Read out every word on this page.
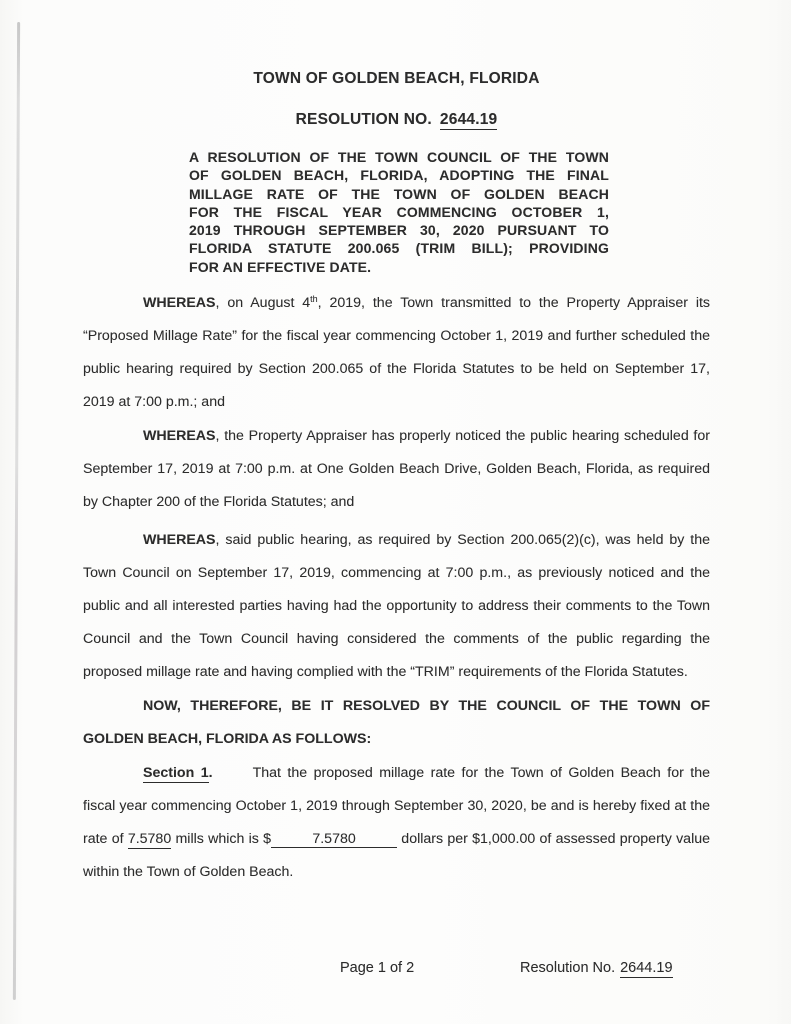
TOWN OF GOLDEN BEACH, FLORIDA
RESOLUTION NO. 2644.19
A RESOLUTION OF THE TOWN COUNCIL OF THE TOWN
OF GOLDEN BEACH, FLORIDA, ADOPTING THE FINAL
MILLAGE RATE OF THE TOWN OF GOLDEN BEACH
FOR THE FISCAL YEAR COMMENCING OCTOBER 1,
2019 THROUGH SEPTEMBER 30, 2020 PURSUANT TO
FLORIDA STATUTE 200.065 (TRIM BILL); PROVIDING
FOR AN EFFECTIVE DATE.

WHEREAS, on August 4th, 2019, the Town transmitted to the Property Appraiser its “Proposed Millage Rate” for the fiscal year commencing October 1, 2019 and further scheduled the public hearing required by Section 200.065 of the Florida Statutes to be held on September 17, 2019 at 7:00 p.m.; and

WHEREAS, the Property Appraiser has properly noticed the public hearing scheduled for September 17, 2019 at 7:00 p.m. at One Golden Beach Drive, Golden Beach, Florida, as required by Chapter 200 of the Florida Statutes; and

WHEREAS, said public hearing, as required by Section 200.065(2)(c), was held by the Town Council on September 17, 2019, commencing at 7:00 p.m., as previously noticed and the public and all interested parties having had the opportunity to address their comments to the Town Council and the Town Council having considered the comments of the public regarding the proposed millage rate and having complied with the “TRIM” requirements of the Florida Statutes.

NOW, THEREFORE, BE IT RESOLVED BY THE COUNCIL OF THE TOWN OF GOLDEN BEACH, FLORIDA AS FOLLOWS:

Section 1.	That the proposed millage rate for the Town of Golden Beach for the fiscal year commencing October 1, 2019 through September 30, 2020, be and is hereby fixed at the rate of 7.5780 mills which is $	7.5780	dollars per $1,000.00 of assessed property value within the Town of Golden Beach.

Page 1 of 2	Resolution No. 2644.19
